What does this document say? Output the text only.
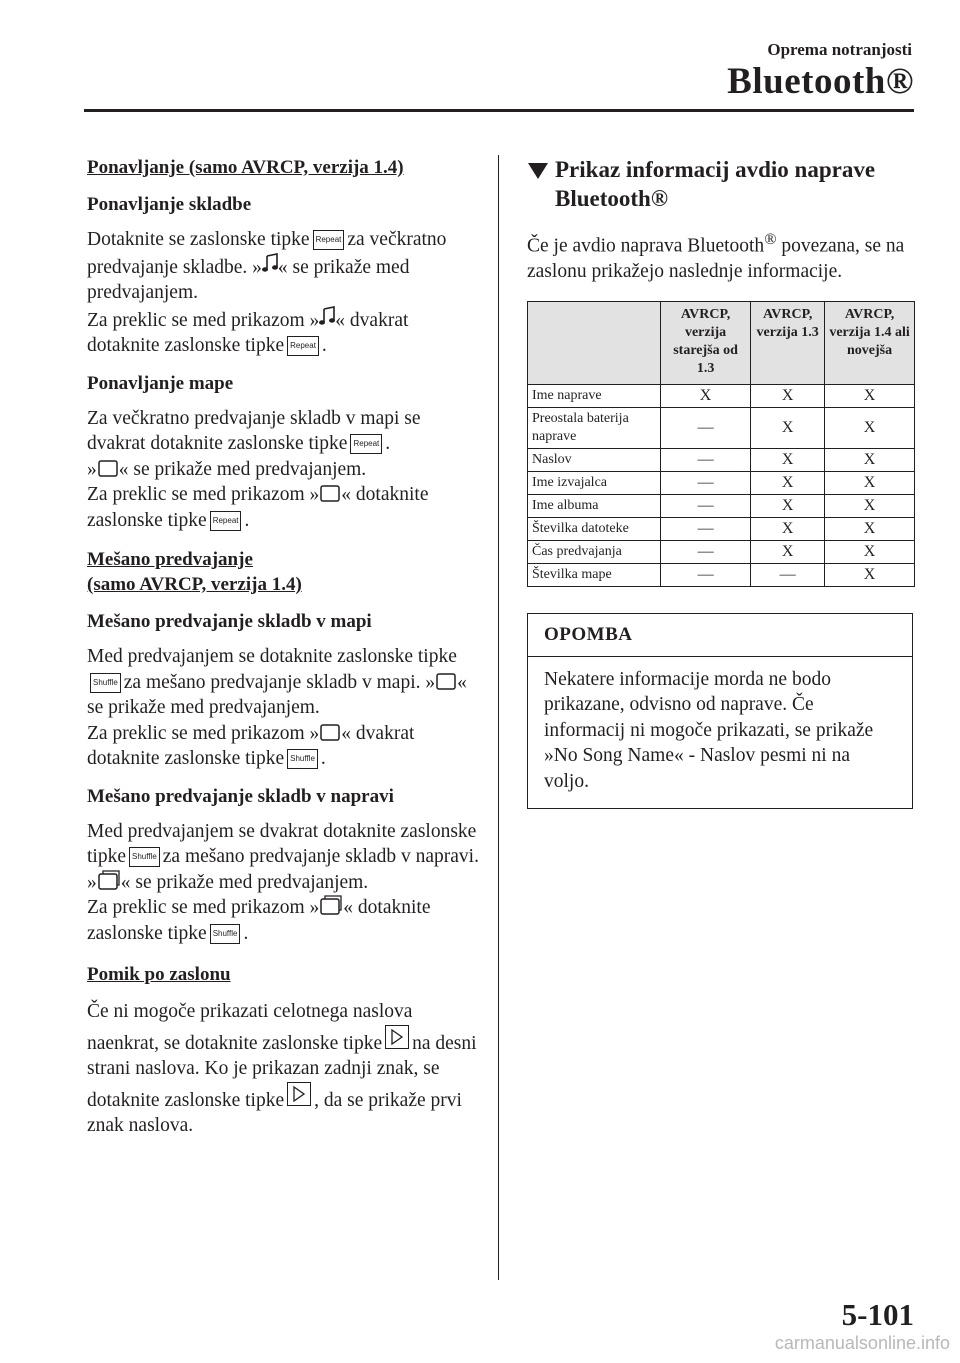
Oprema notranjosti
Bluetooth®
Ponavljanje (samo AVRCP, verzija 1.4)
Ponavljanje skladbe
Dotaknite se zaslonske tipke Repeat za večkratno predvajanje skladbe. » « se prikaže med predvajanjem.
Za preklic se med prikazom » « dvakrat dotaknite zaslonske tipke Repeat .
Ponavljanje mape
Za večkratno predvajanje skladb v mapi se dvakrat dotaknite zaslonske tipke Repeat .
» « se prikaže med predvajanjem.
Za preklic se med prikazom » « dotaknite zaslonske tipke Repeat .
Mešano predvajanje
(samo AVRCP, verzija 1.4)
Mešano predvajanje skladb v mapi
Med predvajanjem se dotaknite zaslonske tipkeShuffle za mešano predvajanje skladb v mapi. » « se prikaže med predvajanjem.
Za preklic se med prikazom » « dvakrat dotaknite zaslonske tipke Shuffle .
Mešano predvajanje skladb v napravi
Med predvajanjem se dvakrat dotaknite zaslonske tipke Shuffle za mešano predvajanje skladb v napravi. » « se prikaže med predvajanjem.
Za preklic se med prikazom » « dotaknite zaslonske tipke Shuffle .
Pomik po zaslonu
Če ni mogoče prikazati celotnega naslova naenkrat, se dotaknite zaslonske tipke na desni strani naslova. Ko je prikazan zadnji znak, se dotaknite zaslonske tipke , da se prikaže prvi znak naslova.
Prikaz informacij avdio naprave Bluetooth®
Če je avdio naprava Bluetooth® povezana, se na zaslonu prikažejo naslednje informacije.
	AVRCP, verzija starejša od 1.3	AVRCP, verzija 1.3	AVRCP, verzija 1.4 ali novejša
Ime naprave	X	X	X
Preostala baterija naprave	—	X	X
Naslov	—	X	X
Ime izvajalca	—	X	X
Ime albuma	—	X	X
Številka datoteke	—	X	X
Čas predvajanja	—	X	X
Številka mape	—	—	X
OPOMBA
Nekatere informacije morda ne bodo prikazane, odvisno od naprave. Če informacij ni mogoče prikazati, se prikaže »No Song Name« - Naslov pesmi ni na voljo.
5-101
carmanualsonline.info
